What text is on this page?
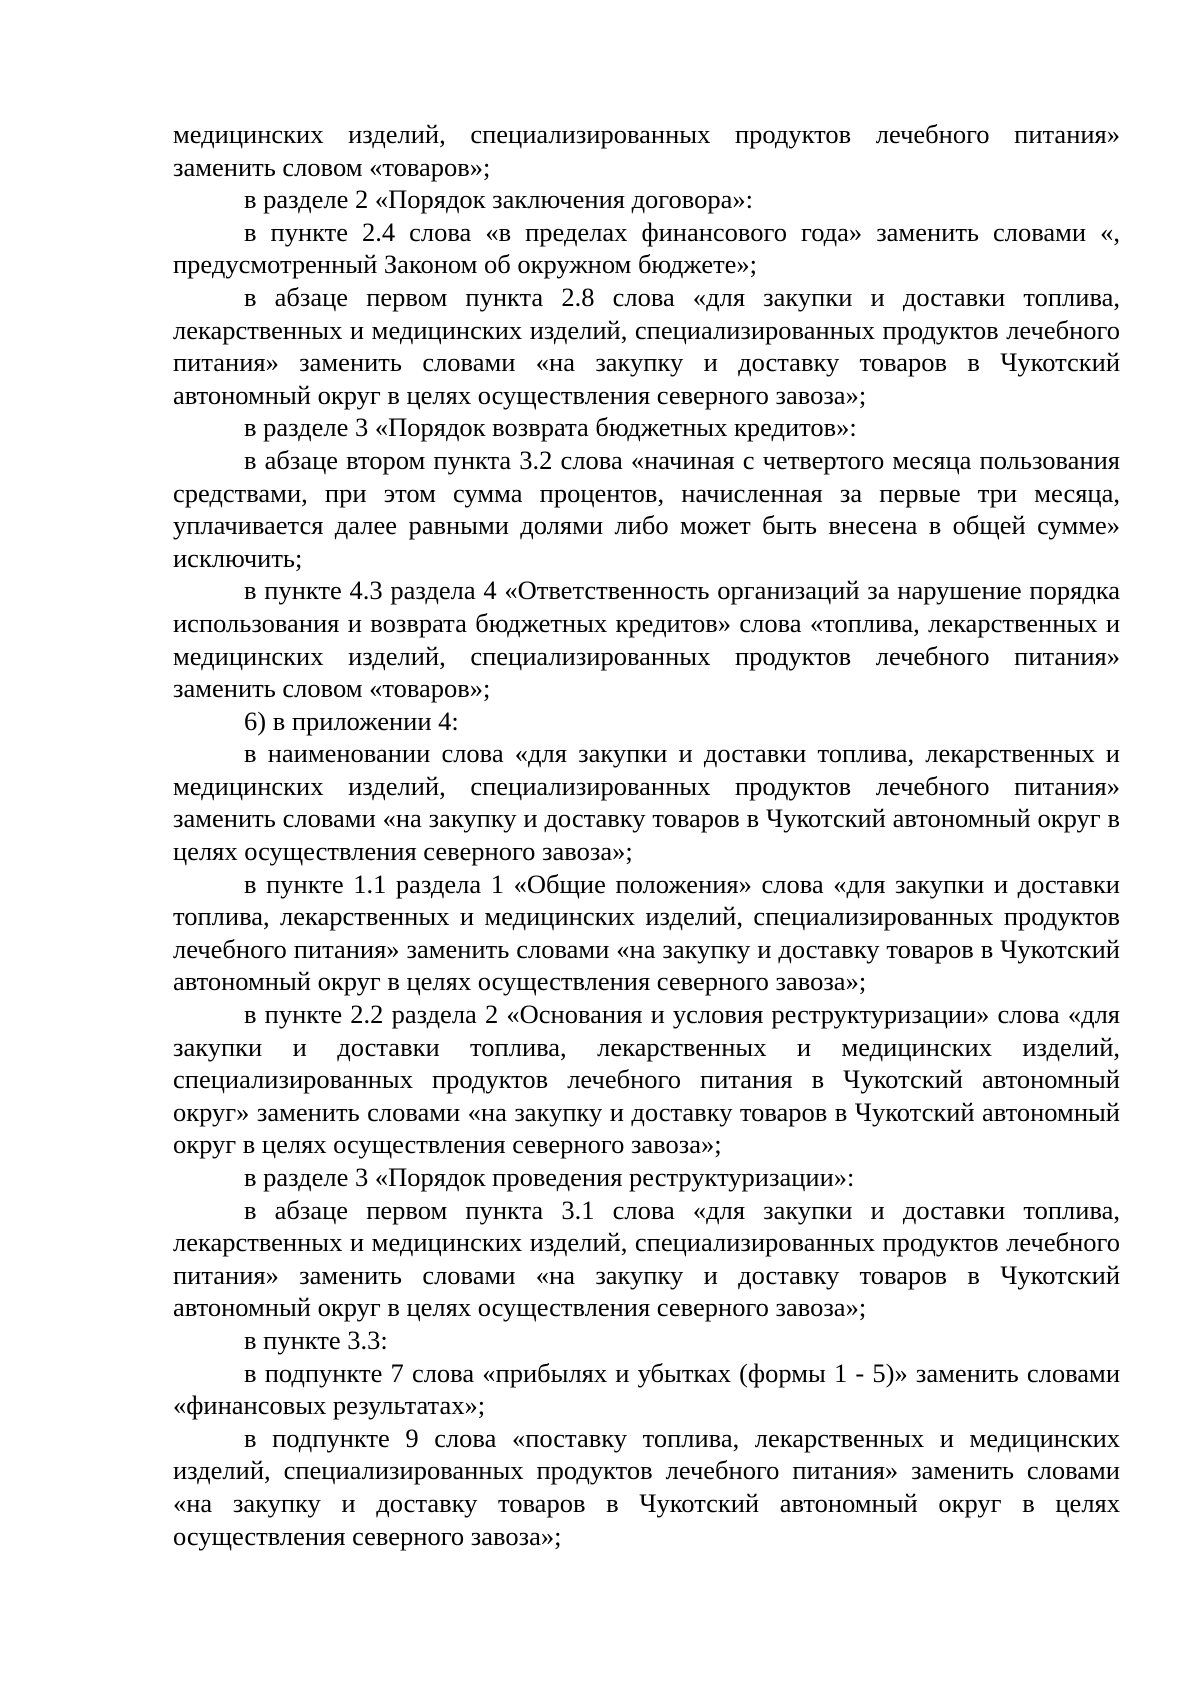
медицинских изделий, специализированных продуктов лечебного питания» заменить словом «товаров»;

в разделе 2 «Порядок заключения договора»:

в пункте 2.4 слова «в пределах финансового года» заменить словами «, предусмотренный Законом об окружном бюджете»;

в абзаце первом пункта 2.8 слова «для закупки и доставки топлива, лекарственных и медицинских изделий, специализированных продуктов лечебного питания» заменить словами «на закупку и доставку товаров в Чукотский автономный округ в целях осуществления северного завоза»;

в разделе 3 «Порядок возврата бюджетных кредитов»:

в абзаце втором пункта 3.2 слова «начиная с четвертого месяца пользования средствами, при этом сумма процентов, начисленная за первые три месяца, уплачивается далее равными долями либо может быть внесена в общей сумме» исключить;

в пункте 4.3 раздела 4 «Ответственность организаций за нарушение порядка использования и возврата бюджетных кредитов» слова «топлива, лекарственных и медицинских изделий, специализированных продуктов лечебного питания» заменить словом «товаров»;

6) в приложении 4:

в наименовании слова «для закупки и доставки топлива, лекарственных и медицинских изделий, специализированных продуктов лечебного питания» заменить словами «на закупку и доставку товаров в Чукотский автономный округ в целях осуществления северного завоза»;

в пункте 1.1 раздела 1 «Общие положения» слова «для закупки и доставки топлива, лекарственных и медицинских изделий, специализированных продуктов лечебного питания» заменить словами «на закупку и доставку товаров в Чукотский автономный округ в целях осуществления северного завоза»;

в пункте 2.2 раздела 2 «Основания и условия реструктуризации» слова «для закупки и доставки топлива, лекарственных и медицинских изделий, специализированных продуктов лечебного питания в Чукотский автономный округ» заменить словами «на закупку и доставку товаров в Чукотский автономный округ в целях осуществления северного завоза»;

в разделе 3 «Порядок проведения реструктуризации»:

в абзаце первом пункта 3.1 слова «для закупки и доставки топлива, лекарственных и медицинских изделий, специализированных продуктов лечебного питания» заменить словами «на закупку и доставку товаров в Чукотский автономный округ в целях осуществления северного завоза»;

в пункте 3.3:

в подпункте 7 слова «прибылях и убытках (формы 1 - 5)» заменить словами «финансовых результатах»;

в подпункте 9 слова «поставку топлива, лекарственных и медицинских изделий, специализированных продуктов лечебного питания» заменить словами «на закупку и доставку товаров в Чукотский автономный округ в целях осуществления северного завоза»;
